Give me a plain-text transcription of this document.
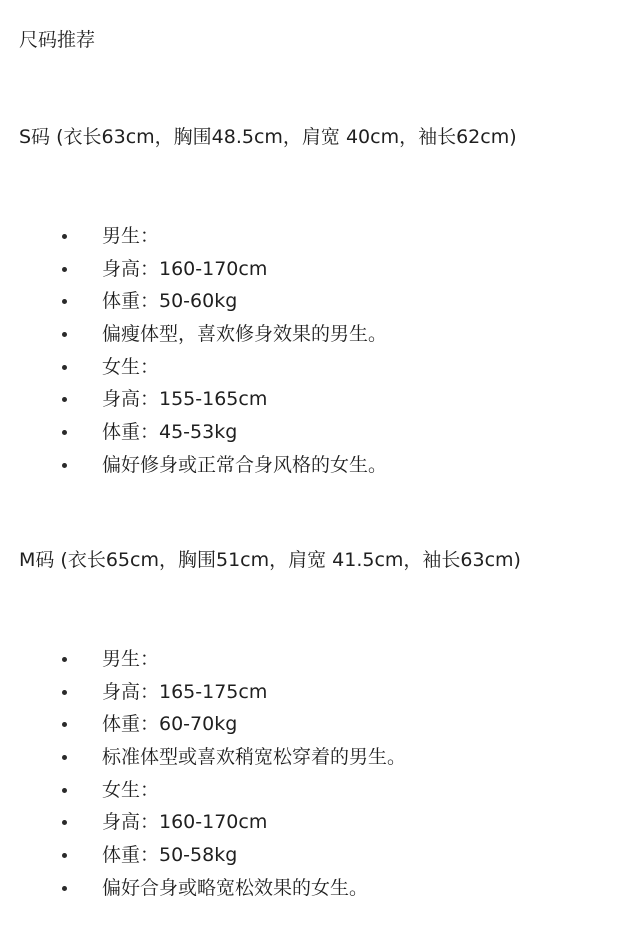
尺码推荐
S码 (衣长63cm，胸围48.5cm，肩宽 40cm，袖长62cm)
男生：
身高：160-170cm
体重：50-60kg
偏瘦体型，喜欢修身效果的男生。
女生：
身高：155-165cm
体重：45-53kg
偏好修身或正常合身风格的女生。
M码 (衣长65cm，胸围51cm，肩宽 41.5cm，袖长63cm)
男生：
身高：165-175cm
体重：60-70kg
标准体型或喜欢稍宽松穿着的男生。
女生：
身高：160-170cm
体重：50-58kg
偏好合身或略宽松效果的女生。
